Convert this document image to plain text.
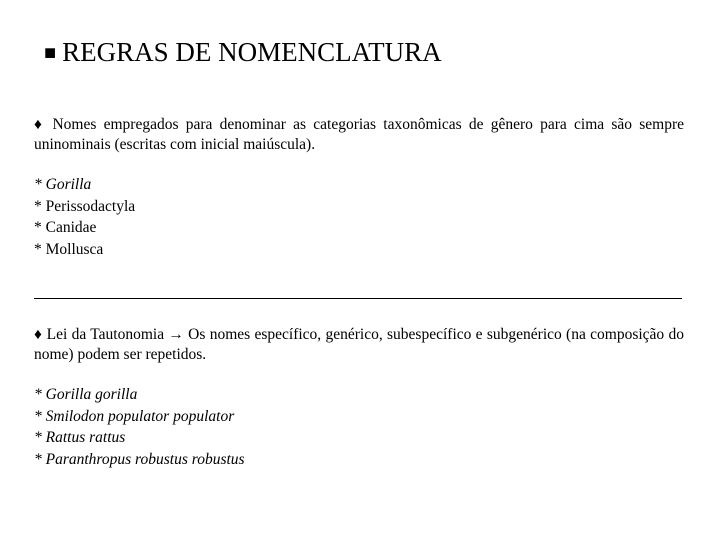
■ REGRAS DE NOMENCLATURA
♦ Nomes empregados para denominar as categorias taxonômicas de gênero para cima são sempre uninominais (escritas com inicial maiúscula).
* Gorilla
* Perissodactyla
* Canidae
* Mollusca
♦ Lei da Tautonomia → Os nomes específico, genérico, subespecífico e subgenérico (na composição do nome) podem ser repetidos.
* Gorilla gorilla
* Smilodon populator populator
* Rattus rattus
* Paranthropus robustus robustus
